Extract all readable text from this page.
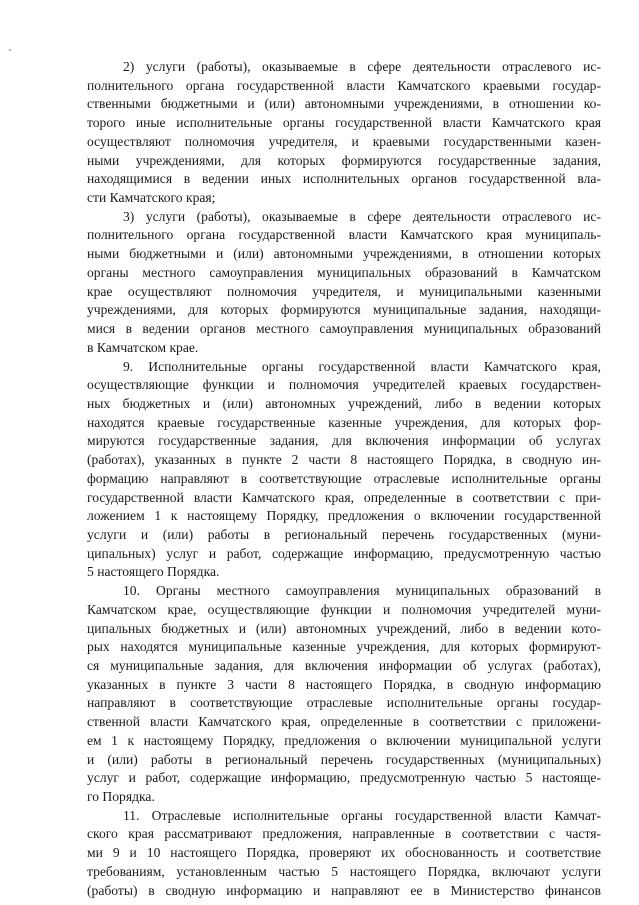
2) услуги (работы), оказываемые в сфере деятельности отраслевого ис-
полнительного органа государственной власти Камчатского краевыми государ-
ственными бюджетными и (или) автономными учреждениями, в отношении ко-
торого иные исполнительные органы государственной власти Камчатского края
осуществляют полномочия учредителя, и краевыми государственными казен-
ными учреждениями, для которых формируются государственные задания,
находящимися в ведении иных исполнительных органов государственной вла-
сти Камчатского края;
3) услуги (работы), оказываемые в сфере деятельности отраслевого ис-
полнительного органа государственной власти Камчатского края муниципаль-
ными бюджетными и (или) автономными учреждениями, в отношении которых
органы местного самоуправления муниципальных образований в Камчатском
крае осуществляют полномочия учредителя, и муниципальными казенными
учреждениями, для которых формируются муниципальные задания, находящи-
мися в ведении органов местного самоуправления муниципальных образований
в Камчатском крае.
9. Исполнительные органы государственной власти Камчатского края,
осуществляющие функции и полномочия учредителей краевых государствен-
ных бюджетных и (или) автономных учреждений, либо в ведении которых
находятся краевые государственные казенные учреждения, для которых фор-
мируются государственные задания, для включения информации об услугах
(работах), указанных в пункте 2 части 8 настоящего Порядка, в сводную ин-
формацию направляют в соответствующие отраслевые исполнительные органы
государственной власти Камчатского края, определенные в соответствии с при-
ложением 1 к настоящему Порядку, предложения о включении государственной
услуги и (или) работы в региональный перечень государственных (муни-
ципальных) услуг и работ, содержащие информацию, предусмотренную частью
5 настоящего Порядка.
10. Органы местного самоуправления муниципальных образований в
Камчатском крае, осуществляющие функции и полномочия учредителей муни-
ципальных бюджетных и (или) автономных учреждений, либо в ведении кото-
рых находятся муниципальные казенные учреждения, для которых формируют-
ся муниципальные задания, для включения информации об услугах (работах),
указанных в пункте 3 части 8 настоящего Порядка, в сводную информацию
направляют в соответствующие отраслевые исполнительные органы государ-
ственной власти Камчатского края, определенные в соответствии с приложени-
ем 1 к настоящему Порядку, предложения о включении муниципальной услуги
и (или) работы в региональный перечень государственных (муниципальных)
услуг и работ, содержащие информацию, предусмотренную частью 5 настояще-
го Порядка.
11. Отраслевые исполнительные органы государственной власти Камчат-
ского края рассматривают предложения, направленные в соответствии с частя-
ми 9 и 10 настоящего Порядка, проверяют их обоснованность и соответствие
требованиям, установленным частью 5 настоящего Порядка, включают услуги
(работы) в сводную информацию и направляют ее в Министерство финансов
